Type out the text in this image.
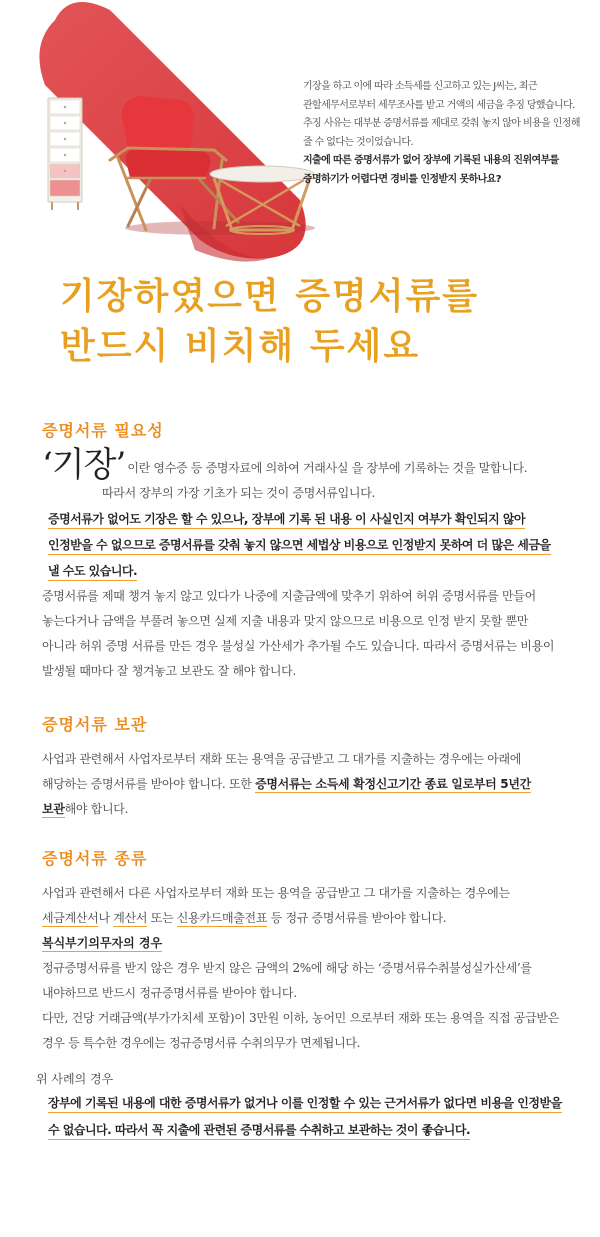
기장을 하고 이에 따라 소득세를 신고하고 있는 J씨는, 최근 관할세무서로부터 세무조사를 받고 거액의 세금을 추징 당했습니다. 추징 사유는 대부분 증명서류를 제대로 갖춰 놓지 않아 비용을 인정해 줄 수 없다는 것이었습니다.

지출에 따른 증명서류가 없어 장부에 기록된 내용의 진위여부를 증명하기가 어렵다면 경비를 인정받지 못하나요?

기장하였으면 증명서류를
반드시 비치해 두세요
증명서류 필요성

‘기장’ 이란 영수증 등 증명자료에 의하여 거래사실 을 장부에 기록하는 것을 말합니다.
따라서 장부의 가장 기초가 되는 것이 증명서류입니다.

증명서류가 없어도 기장은 할 수 있으나, 장부에 기록 된 내용 이 사실인지 여부가 확인되지 않아 인정받을 수 없으므로 증명서류를 갖춰 놓지 않으면 세법상 비용으로 인정받지 못하여 더 많은 세금을 낼 수도 있습니다.

증명서류를 제때 챙겨 놓지 않고 있다가 나중에 지출금액에 맞추기 위하여 허위 증명서류를 만들어 놓는다거나 금액을 부풀려 놓으면 실제 지출 내용과 맞지 않으므로 비용으로 인정 받지 못할 뿐만 아니라 허위 증명 서류를 만든 경우 불성실 가산세가 추가될 수도 있습니다. 따라서 증명서류는 비용이 발생될 때마다 잘 챙겨놓고 보관도 잘 해야 합니다.

증명서류 보관

사업과 관련해서 사업자로부터 재화 또는 용역을 공급받고 그 대가를 지출하는 경우에는 아래에 해당하는 증명서류를 받아야 합니다. 또한 증명서류는 소득세 확정신고기간 종료 일로부터 5년간 보관해야 합니다.

증명서류 종류

사업과 관련해서 다른 사업자로부터 재화 또는 용역을 공급받고 그 대가를 지출하는 경우에는 세금계산서나 계산서 또는 신용카드매출전표 등 정규 증명서류를 받아야 합니다.

복식부기의무자의 경우

정규증명서류를 받지 않은 경우 받지 않은 금액의 2%에 해당 하는 ‘증명서류수취불성실가산세’를 내야하므로 반드시 정규증명서류를 받아야 합니다.

다만, 건당 거래금액(부가가치세 포함)이 3만원 이하, 농어민 으로부터 재화 또는 용역을 직접 공급받은 경우 등 특수한 경우에는 정규증명서류 수취의무가 면제됩니다.

위 사례의 경우

장부에 기록된 내용에 대한 증명서류가 없거나 이를 인정할 수 있는 근거서류가 없다면 비용을 인정받을 수 없습니다. 따라서 꼭 지출에 관련된 증명서류를 수취하고 보관하는 것이 좋습니다.
